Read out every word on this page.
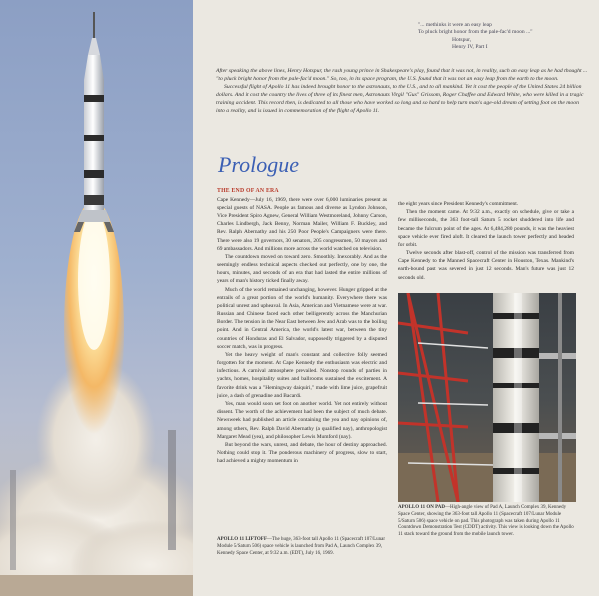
"... methinks it were an easy leap
To pluck bright honor from the pale-fac'd moon ..."
Hotspur,
Henry IV, Part I

After speaking the above lines, Henry Hotspur, the rash young prince in Shakespeare's play, found that it was not, in reality, such an easy leap as he had thought ... "to pluck bright honor from the pale-fac'd moon." So, too, in its space program, the U.S. found that it was not an easy leap from the earth to the moon.

Successful flight of Apollo 11 has indeed brought honor to the astronauts, to the U.S., and to all mankind. Yet it cost the people of the United States 24 billion dollars. And it cost the country the lives of three of its finest men, Astronauts Virgil "Gus" Grissom, Roger Chaffee and Edward White, who were killed in a tragic training accident. This record then, is dedicated to all those who have worked so long and so hard to help turn man's age-old dream of setting foot on the moon into a reality, and is issued in commemoration of the flight of Apollo 11.

Prologue

THE END OF AN ERA

Cape Kennedy—July 16, 1969, there were over 6,000 luminaries present as special guests of NASA. People as famous and diverse as Lyndon Johnson, Vice President Spiro Agnew, General William Westmoreland, Johnny Carson, Charles Lindbergh, Jack Benny, Norman Mailer, William F. Buckley, and Rev. Ralph Abernathy and his 250 Poor People's Campaigners were there. There were also 19 governors, 30 senators, 205 congressmen, 50 mayors and 69 ambassadors. And millions more across the world watched on television.

The countdown moved on toward zero. Smoothly. Inexorably. And as the seemingly endless technical aspects checked out perfectly, one by one, the hours, minutes, and seconds of an era that had lasted the entire millions of years of man's history ticked finally away.

Much of the world remained unchanging, however. Hunger gripped at the entrails of a great portion of the world's humanity. Everywhere there was political unrest and upheaval. In Asia, American and Vietnamese were at war. Russian and Chinese faced each other belligerently across the Manchurian Border. The tension in the Near East between Jew and Arab was to the boiling point. And in Central America, the world's latest war, between the tiny countries of Honduras and El Salvador, supposedly triggered by a disputed soccer match, was in progress.

Yet the heavy weight of man's constant and collective folly seemed forgotten for the moment. At Cape Kennedy the enthusiasm was electric and infectious. A carnival atmosphere prevailed. Nonstop rounds of parties in yachts, homes, hospitality suites and ballrooms sustained the excitement. A favorite drink was a "Hemingway daiquiri," made with lime juice, grapefruit juice, a dash of grenadine and Bacardi.

Yes, man would soon set foot on another world. Yet not entirely without dissent. The worth of the achievement had been the subject of much debate. Newsweek had published an article containing the yea and nay opinions of, among others, Rev. Ralph David Abernathy (a qualified nay), anthropologist Margaret Mead (yea), and philosopher Lewis Mumford (nay).

But beyond the wars, unrest, and debate, the hour of destiny approached. Nothing could stop it. The ponderous machinery of progress, slow to start, had achieved a mighty momentum in

the eight years since President Kennedy's commitment.

Then the moment came. At 9:32 a.m., exactly on schedule, give or take a few milliseconds, the 363 foot-tall Saturn 5 rocket shuddered into life and became the fulcrum point of the ages. At 6,484,280 pounds, it was the heaviest space vehicle ever fired aloft. It cleared the launch tower perfectly and headed for orbit.

Twelve seconds after blast-off, control of the mission was transferred from Cape Kennedy to the Manned Spacecraft Center in Houston, Texas. Mankind's earth-bound past was severed in just 12 seconds. Man's future was just 12 seconds old.

APOLLO 11 LIFTOFF—The huge, 363-foot tall Apollo 11 (Spacecraft 107/Lunar Module 5/Saturn 506) space vehicle is launched from Pad A, Launch Complex 39, Kennedy Space Center, at 9:32 a.m. (EDT), July 16, 1969.
APOLLO 11 ON PAD—High-angle view of Pad A, Launch Complex 39, Kennedy Space Center, showing the 363-foot tall Apollo 11 (Spacecraft 107/Lunar Module 5/Saturn 506) space vehicle on pad. This photograph was taken during Apollo 11 Countdown Demonstration Test (CDDT) activity. This view is looking down the Apollo 11 stack toward the ground from the mobile launch tower.
